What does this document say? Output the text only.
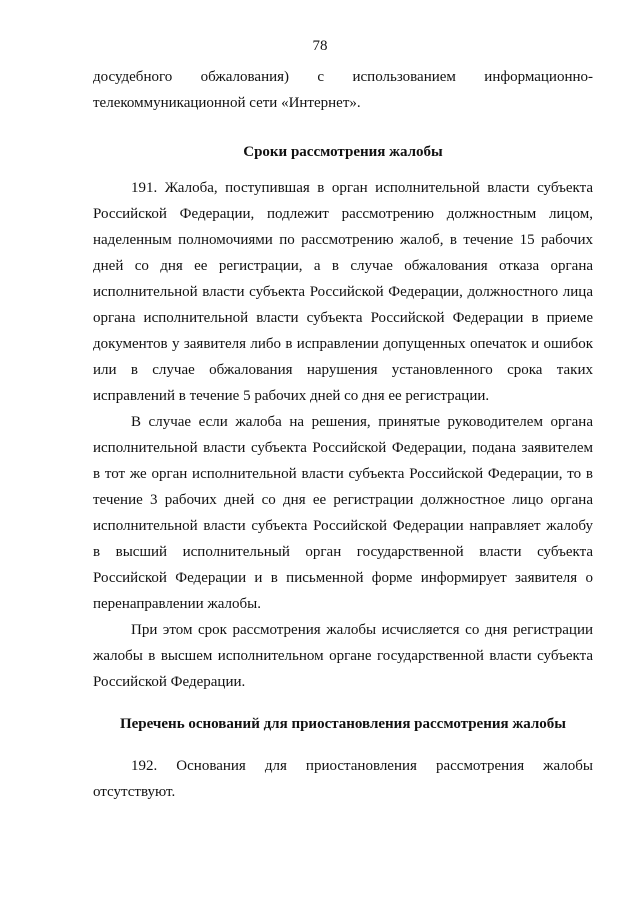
78
досудебного обжалования) с использованием информационно-
телекоммуникационной сети «Интернет».
Сроки рассмотрения жалобы
191. Жалоба, поступившая в орган исполнительной власти субъекта
Российской Федерации, подлежит рассмотрению должностным лицом,
наделенным полномочиями по рассмотрению жалоб, в течение 15 рабочих
дней со дня ее регистрации, а в случае обжалования отказа органа
исполнительной власти субъекта Российской Федерации, должностного лица
органа исполнительной власти субъекта Российской Федерации в приеме
документов у заявителя либо в исправлении допущенных опечаток и ошибок
или в случае обжалования нарушения установленного срока таких
исправлений в течение 5 рабочих дней со дня ее регистрации.
В случае если жалоба на решения, принятые руководителем органа
исполнительной власти субъекта Российской Федерации, подана заявителем
в тот же орган исполнительной власти субъекта Российской Федерации, то в
течение 3 рабочих дней со дня ее регистрации должностное лицо органа
исполнительной власти субъекта Российской Федерации направляет жалобу
в высший исполнительный орган государственной власти субъекта
Российской Федерации и в письменной форме информирует заявителя о
перенаправлении жалобы.
При этом срок рассмотрения жалобы исчисляется со дня регистрации
жалобы в высшем исполнительном органе государственной власти субъекта
Российской Федерации.
Перечень оснований для приостановления рассмотрения жалобы
192. Основания для приостановления рассмотрения жалобы
отсутствуют.
